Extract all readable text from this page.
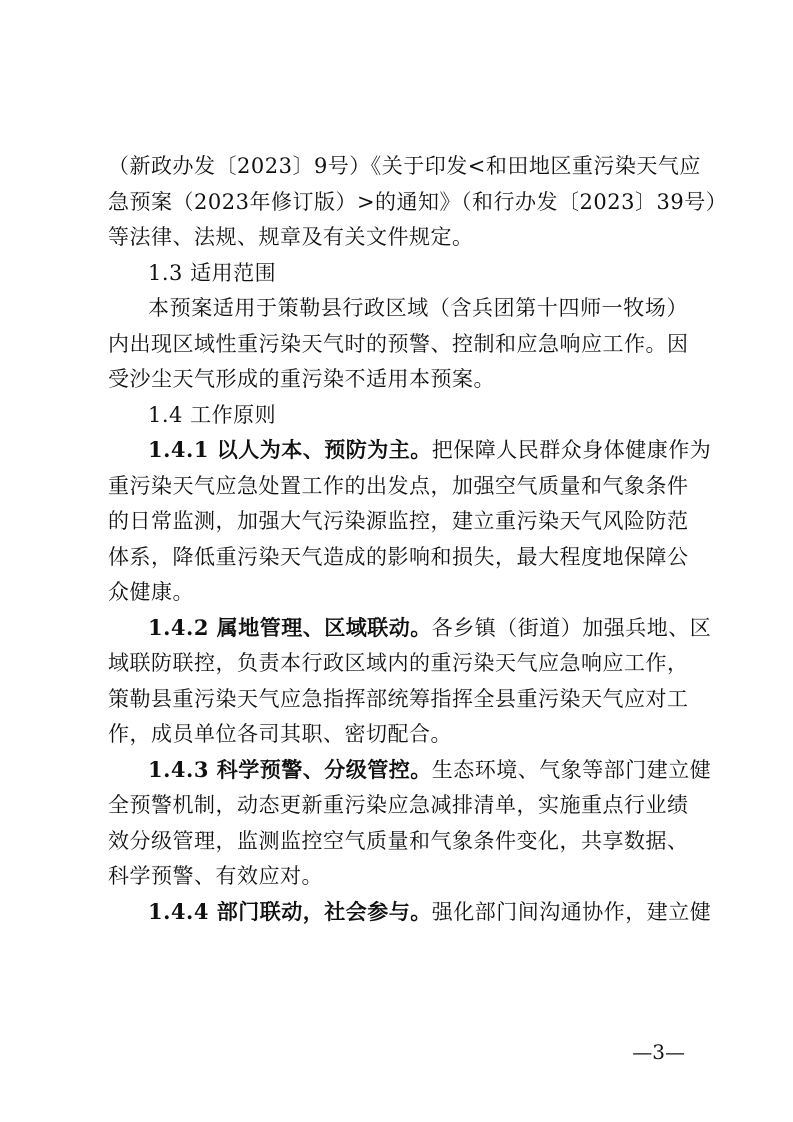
（新政办发〔2023〕9号）《关于印发<和田地区重污染天气应
急预案（2023年修订版）>的通知》（和行办发〔2023〕39号）
等法律、法规、规章及有关文件规定。
1.3 适用范围
本预案适用于策勒县行政区域（含兵团第十四师一牧场）
内出现区域性重污染天气时的预警、控制和应急响应工作。因
受沙尘天气形成的重污染不适用本预案。
1.4 工作原则
1.4.1 以人为本、预防为主。把保障人民群众身体健康作为
重污染天气应急处置工作的出发点，加强空气质量和气象条件
的日常监测，加强大气污染源监控，建立重污染天气风险防范
体系，降低重污染天气造成的影响和损失，最大程度地保障公
众健康。
1.4.2 属地管理、区域联动。各乡镇（街道）加强兵地、区
域联防联控，负责本行政区域内的重污染天气应急响应工作，
策勒县重污染天气应急指挥部统筹指挥全县重污染天气应对工
作，成员单位各司其职、密切配合。
1.4.3 科学预警、分级管控。生态环境、气象等部门建立健
全预警机制，动态更新重污染应急减排清单，实施重点行业绩
效分级管理，监测监控空气质量和气象条件变化，共享数据、
科学预警、有效应对。
1.4.4 部门联动，社会参与。强化部门间沟通协作，建立健
—3—
